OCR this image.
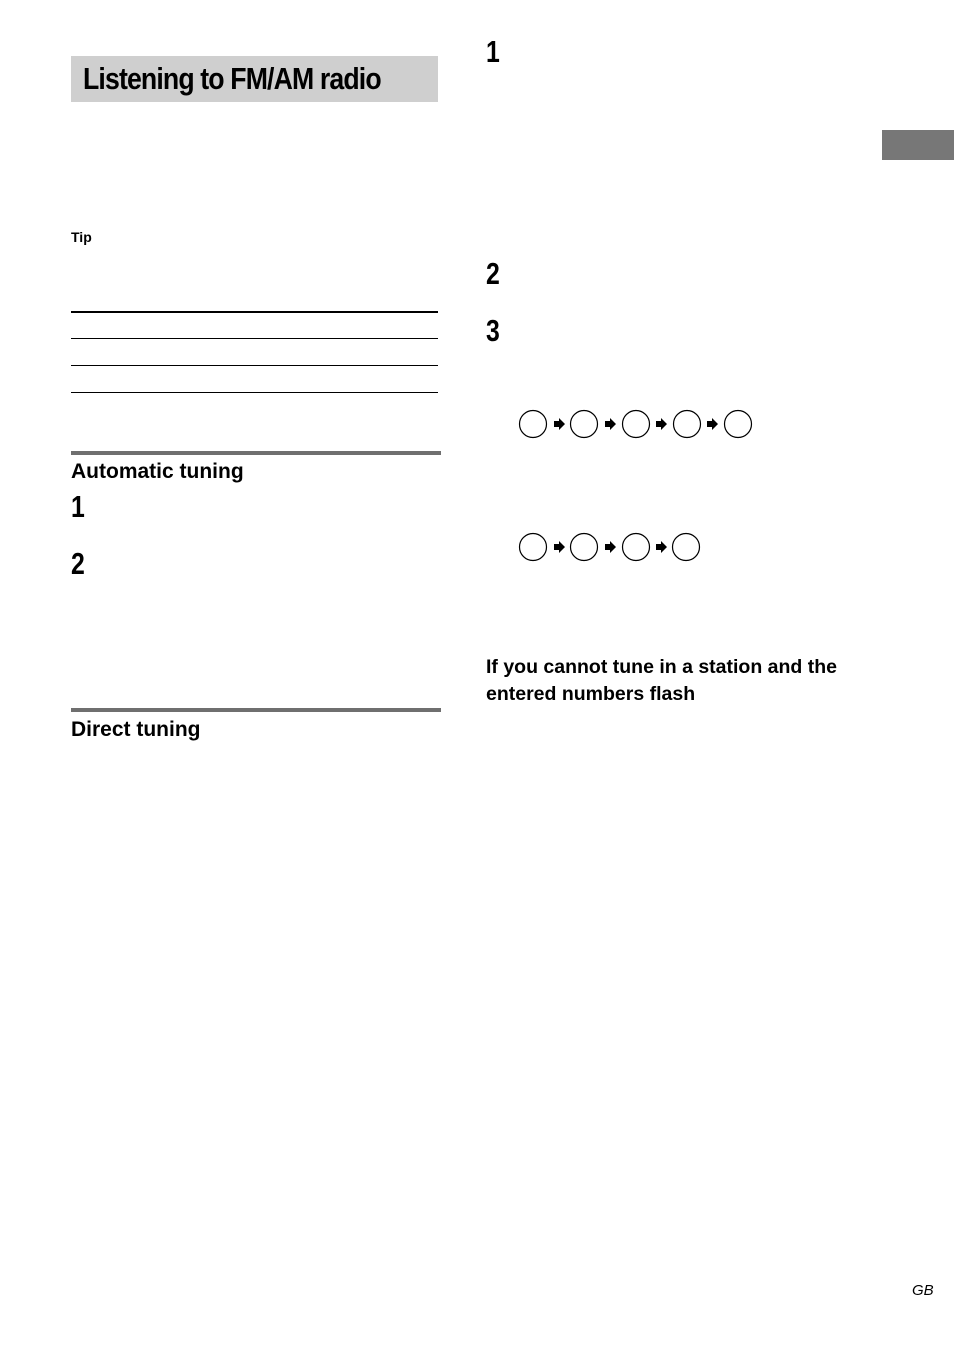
Listening to FM/AM radio
Tip
Automatic tuning
1
2
Direct tuning
1
2
3
If you cannot tune in a station and the entered numbers flash
GB
